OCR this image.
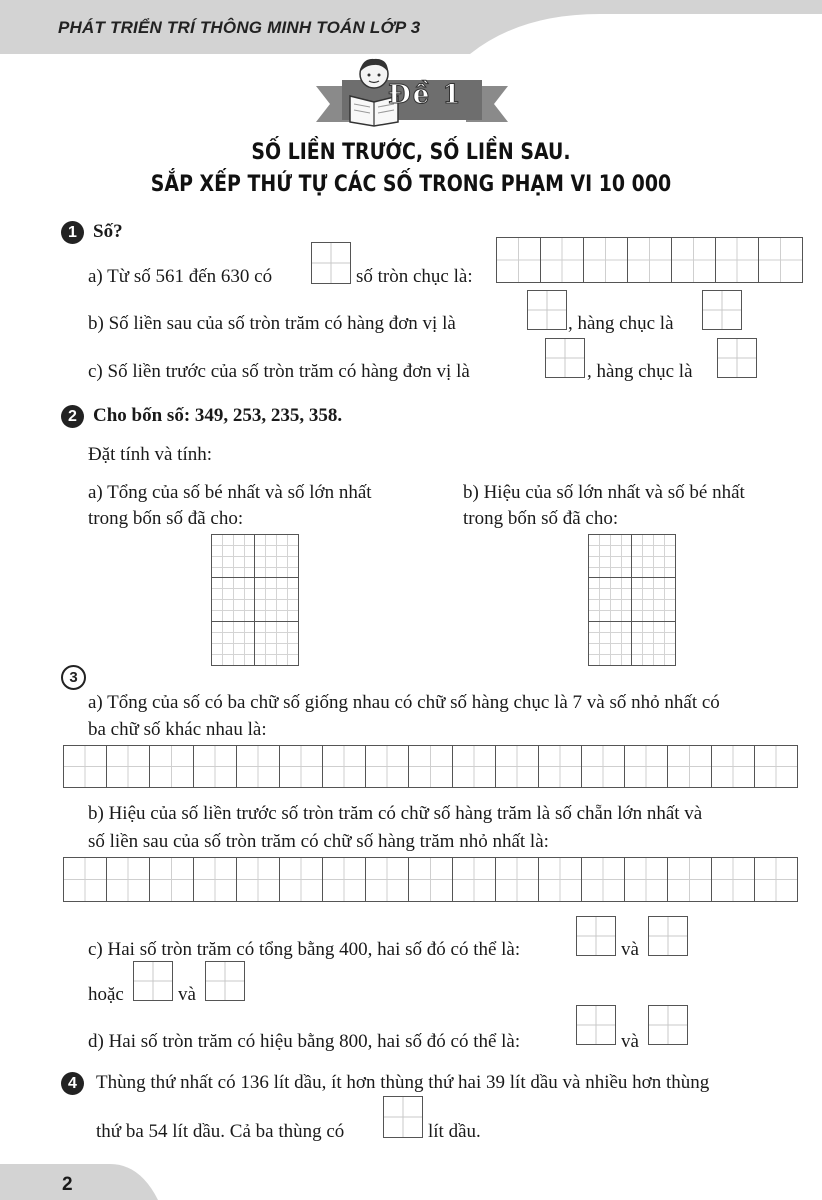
PHÁT TRIỂN TRÍ THÔNG MINH TOÁN LỚP 3
Đề 1
SỐ LIỀN TRƯỚC, SỐ LIỀN SAU.
SẮP XẾP THỨ TỰ CÁC SỐ TRONG PHẠM VI 10 000
1 Số?
a) Từ số 561 đến 630 có	số tròn chục là:
b) Số liền sau của số tròn trăm có hàng đơn vị là	, hàng chục là
c) Số liền trước của số tròn trăm có hàng đơn vị là	, hàng chục là
2 Cho bốn số: 349, 253, 235, 358.
Đặt tính và tính:
a) Tổng của số bé nhất và số lớn nhất
trong bốn số đã cho:
b) Hiệu của số lớn nhất và số bé nhất
trong bốn số đã cho:
3
a) Tổng của số có ba chữ số giống nhau có chữ số hàng chục là 7 và số nhỏ nhất có
ba chữ số khác nhau là:
b) Hiệu của số liền trước số tròn trăm có chữ số hàng trăm là số chẵn lớn nhất và
số liền sau của số tròn trăm có chữ số hàng trăm nhỏ nhất là:
c) Hai số tròn trăm có tổng bằng 400, hai số đó có thể là:	và
hoặc	và
d) Hai số tròn trăm có hiệu bằng 800, hai số đó có thể là:	và
4	Thùng thứ nhất có 136 lít dầu, ít hơn thùng thứ hai 39 lít dầu và nhiều hơn thùng
thứ ba 54 lít dầu. Cả ba thùng có	lít dầu.
2
